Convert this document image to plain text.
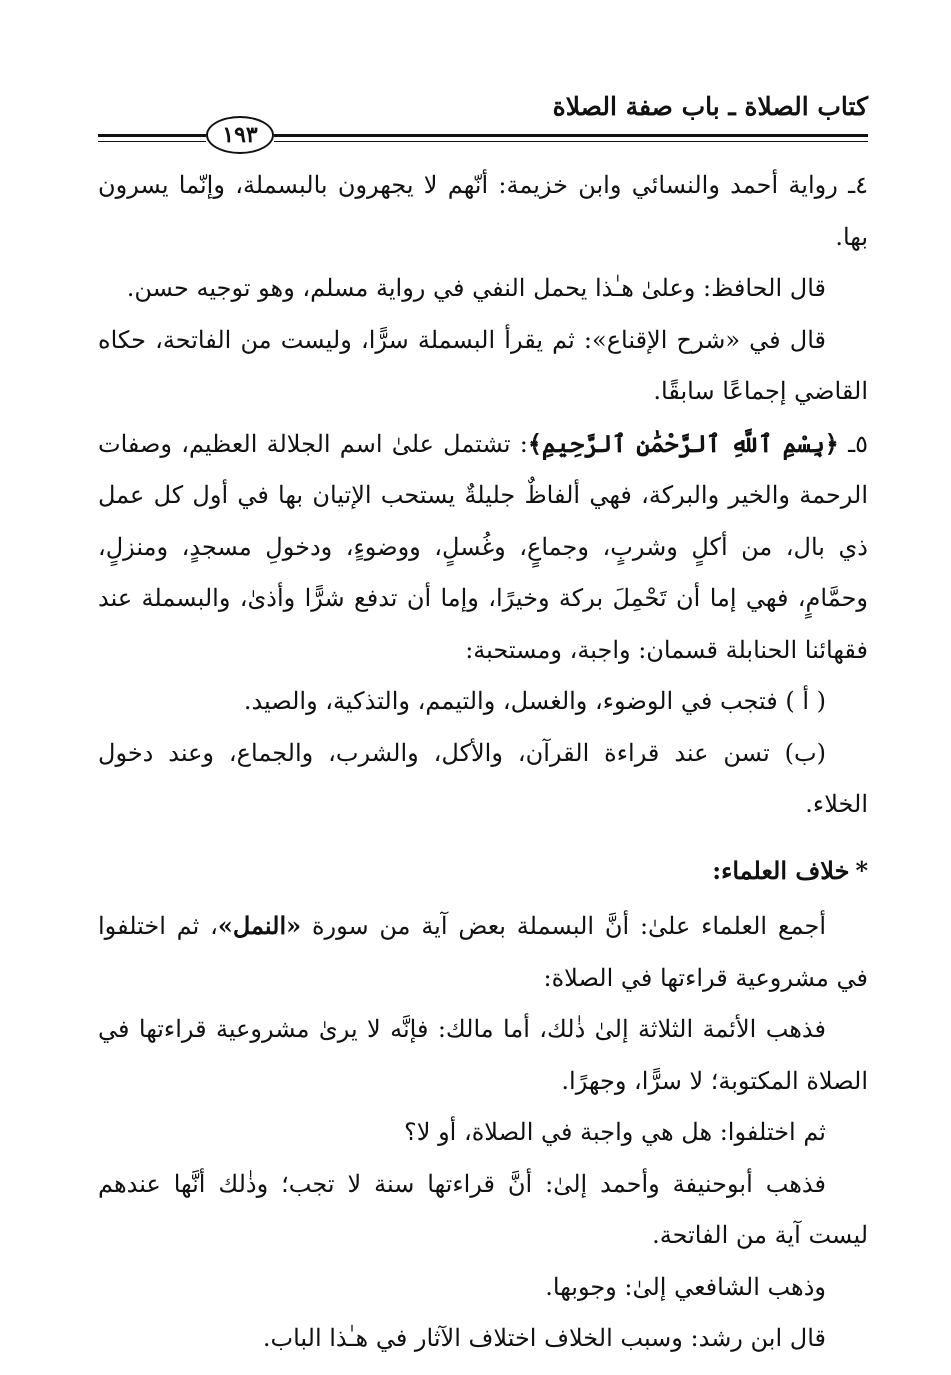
كتاب الصلاة ـ باب صفة الصلاة
١٩٣

٤ـ رواية أحمد والنسائي وابن خزيمة: أنّهم لا يجهرون بالبسملة، وإنّما يسرون بها.

قال الحافظ: وعلىٰ هـٰذا يحمل النفي في رواية مسلم، وهو توجيه حسن.

قال في «شرح الإقناع»: ثم يقرأ البسملة سرًّا، وليست من الفاتحة، حكاه القاضي إجماعًا سابقًا.

٥ـ ﴿بِسْمِ ٱللَّهِ ٱلرَّحْمَٰنِ ٱلرَّحِيمِ﴾: تشتمل علىٰ اسم الجلالة العظيم، وصفات الرحمة والخير والبركة، فهي ألفاظٌ جليلةٌ يستحب الإتيان بها في أول كل عمل ذي بال، من أكلٍ وشربٍ، وجماعٍ، وغُسلٍ، ووضوءٍ، ودخولِ مسجدٍ، ومنزلٍ، وحمَّامٍ، فهي إما أن تَحْمِلَ بركة وخيرًا، وإما أن تدفع شرًّا وأذىٰ، والبسملة عند فقهائنا الحنابلة قسمان: واجبة، ومستحبة:

( أ ) فتجب في الوضوء، والغسل، والتيمم، والتذكية، والصيد.

(ب) تسن عند قراءة القرآن، والأكل، والشرب، والجماع، وعند دخول الخلاء.

*خلاف العلماء:

أجمع العلماء علىٰ: أنَّ البسملة بعض آية من سورة «النمل»، ثم اختلفوا في مشروعية قراءتها في الصلاة:

فذهب الأئمة الثلاثة إلىٰ ذٰلك، أما مالك: فإنَّه لا يرىٰ مشروعية قراءتها في الصلاة المكتوبة؛ لا سرًّا، وجهرًا.

ثم اختلفوا: هل هي واجبة في الصلاة، أو لا؟

فذهب أبوحنيفة وأحمد إلىٰ: أنَّ قراءتها سنة لا تجب؛ وذٰلك أنَّها عندهم ليست آية من الفاتحة.

وذهب الشافعي إلىٰ: وجوبها.

قال ابن رشد: وسبب الخلاف اختلاف الآثار في هـٰذا الباب.
